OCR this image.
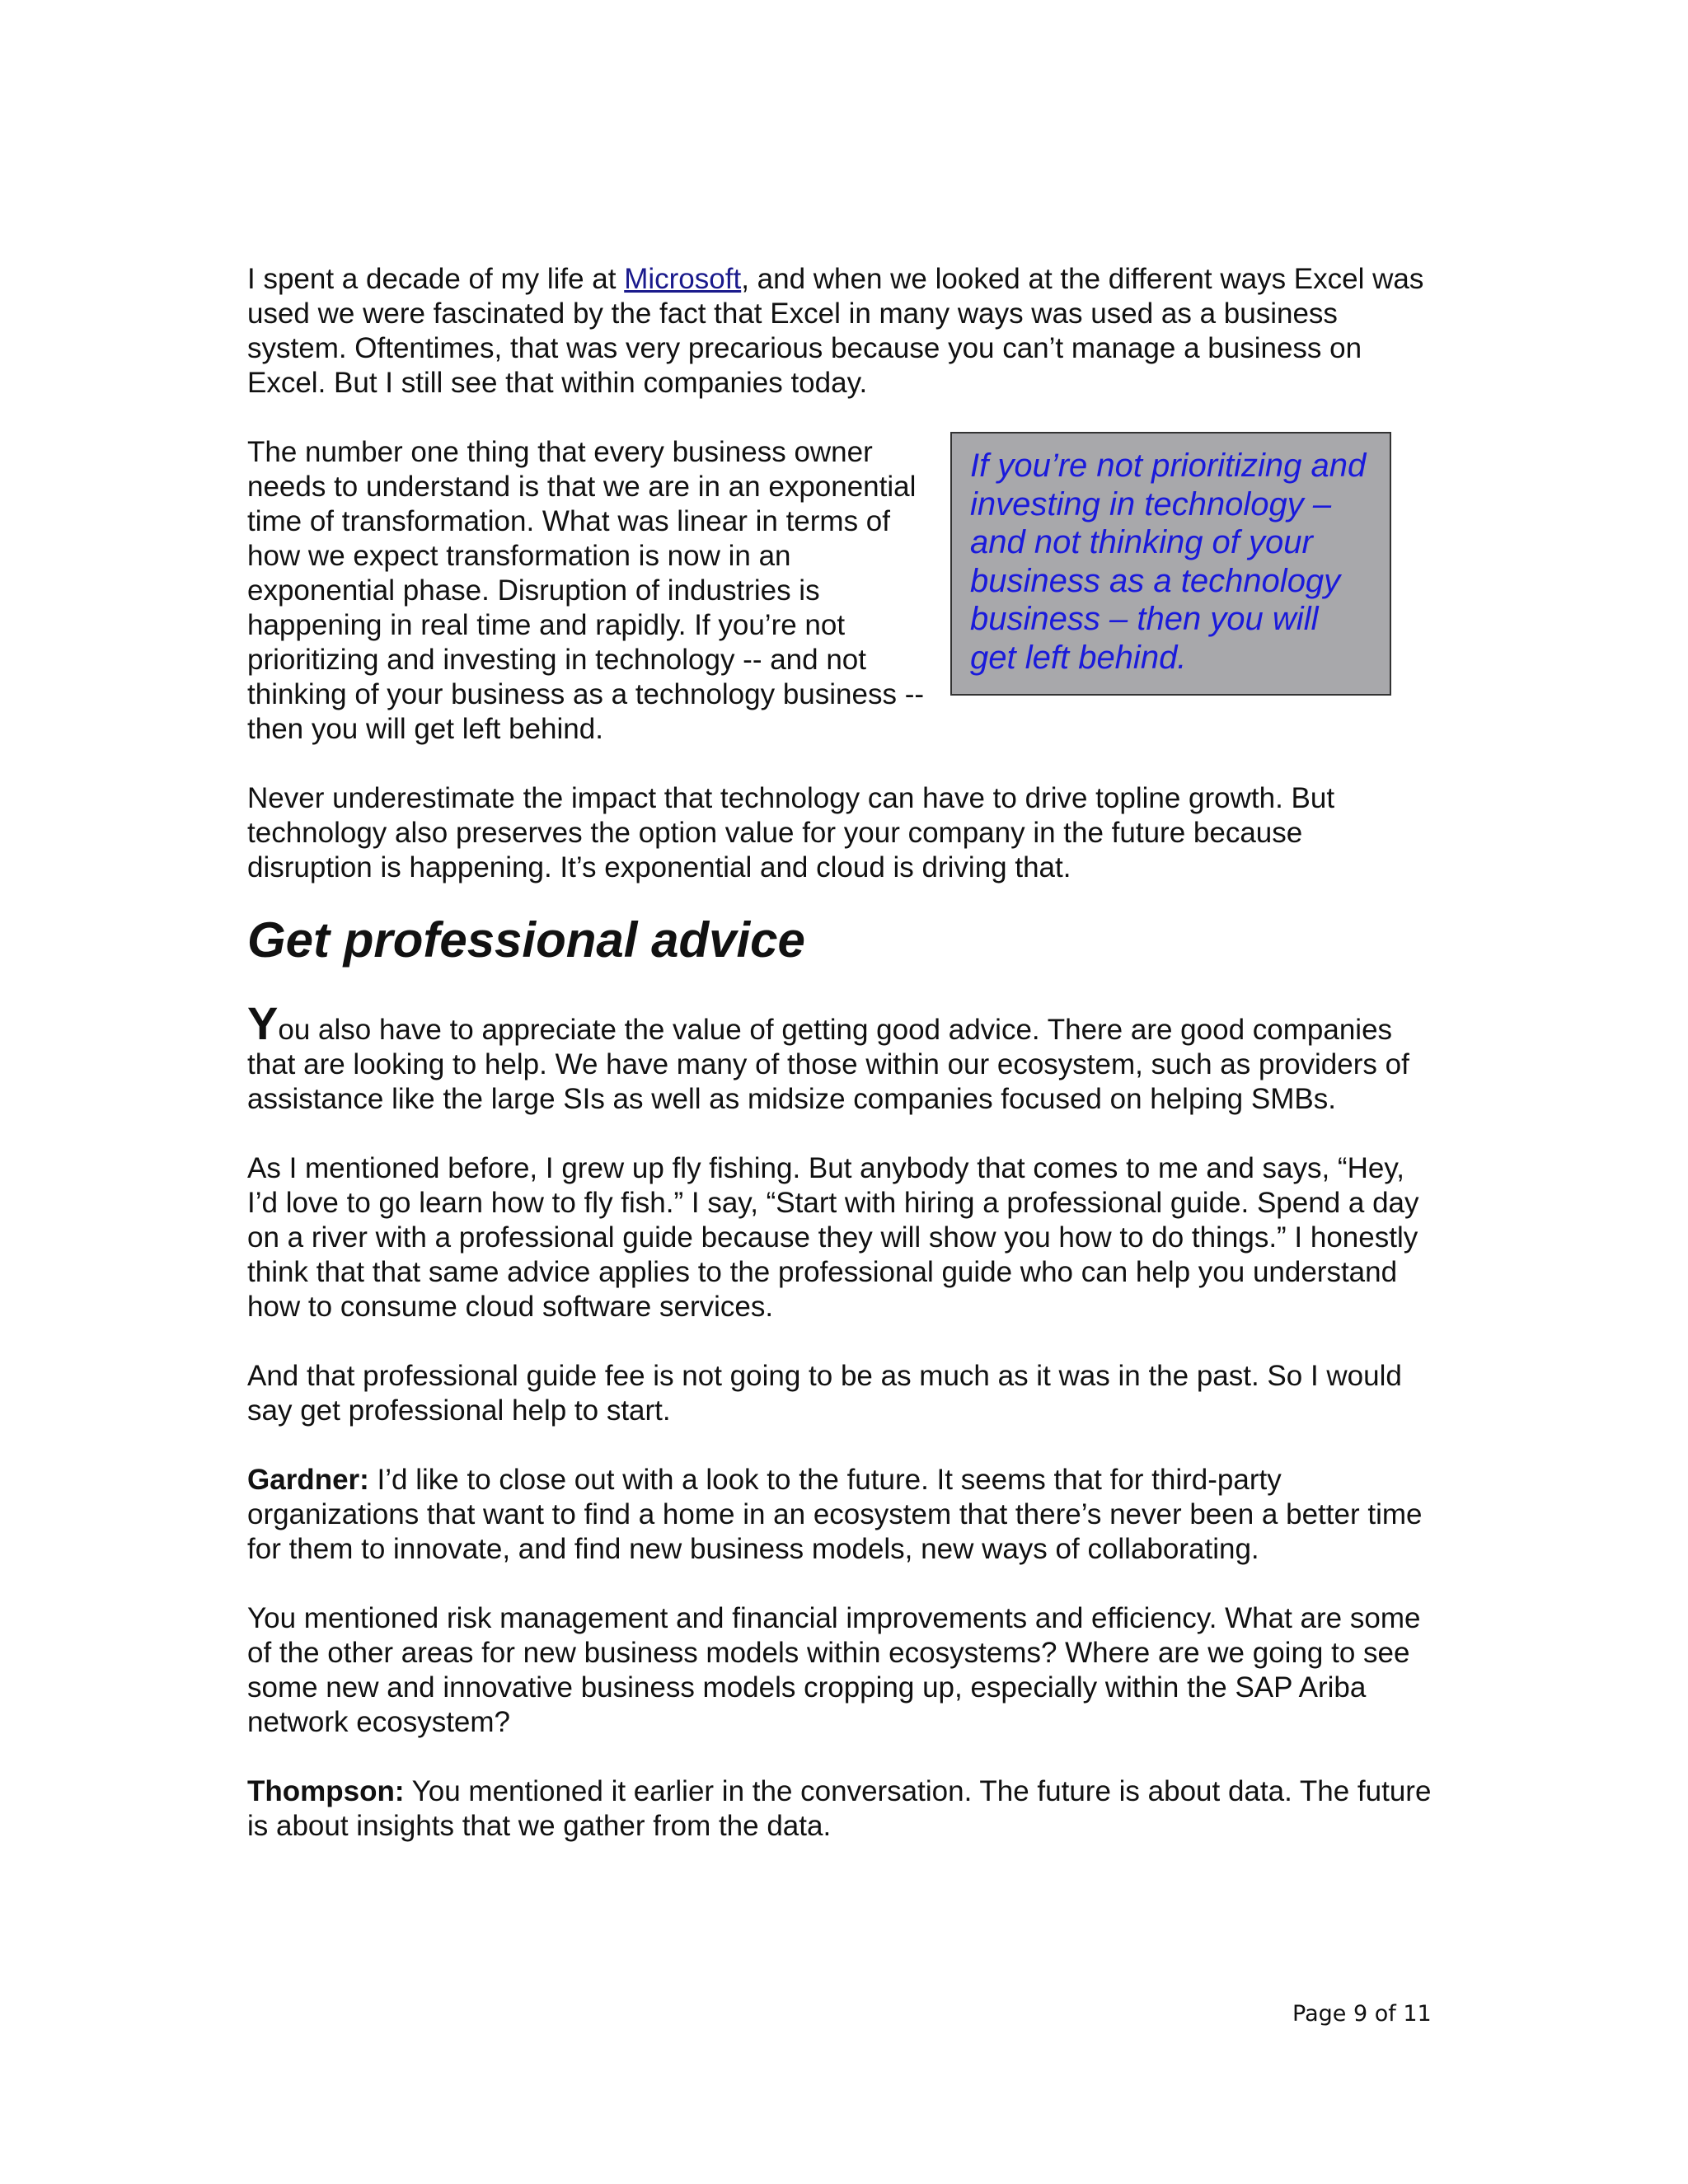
I spent a decade of my life at Microsoft, and when we looked at the different ways Excel was used we were fascinated by the fact that Excel in many ways was used as a business system. Oftentimes, that was very precarious because you can’t manage a business on Excel. But I still see that within companies today.

The number one thing that every business owner needs to understand is that we are in an exponential time of transformation. What was linear in terms of how we expect transformation is now in an exponential phase. Disruption of industries is happening in real time and rapidly. If you’re not prioritizing and investing in technology -- and not thinking of your business as a technology business -- then you will get left behind.
If you’re not prioritizing and investing in technology – and not thinking of your business as a technology business – then you will get left behind.

Never underestimate the impact that technology can have to drive topline growth. But technology also preserves the option value for your company in the future because disruption is happening. It’s exponential and cloud is driving that.

Get professional advice

You also have to appreciate the value of getting good advice. There are good companies that are looking to help. We have many of those within our ecosystem, such as providers of assistance like the large SIs as well as midsize companies focused on helping SMBs.

As I mentioned before, I grew up fly fishing. But anybody that comes to me and says, “Hey, I’d love to go learn how to fly fish.” I say, “Start with hiring a professional guide. Spend a day on a river with a professional guide because they will show you how to do things.” I honestly think that that same advice applies to the professional guide who can help you understand how to consume cloud software services.

And that professional guide fee is not going to be as much as it was in the past. So I would say get professional help to start.

Gardner: I’d like to close out with a look to the future. It seems that for third-party organizations that want to find a home in an ecosystem that there’s never been a better time for them to innovate, and find new business models, new ways of collaborating.

You mentioned risk management and financial improvements and efficiency. What are some of the other areas for new business models within ecosystems? Where are we going to see some new and innovative business models cropping up, especially within the SAP Ariba network ecosystem?

Thompson: You mentioned it earlier in the conversation. The future is about data. The future is about insights that we gather from the data.

Page 9 of 11
